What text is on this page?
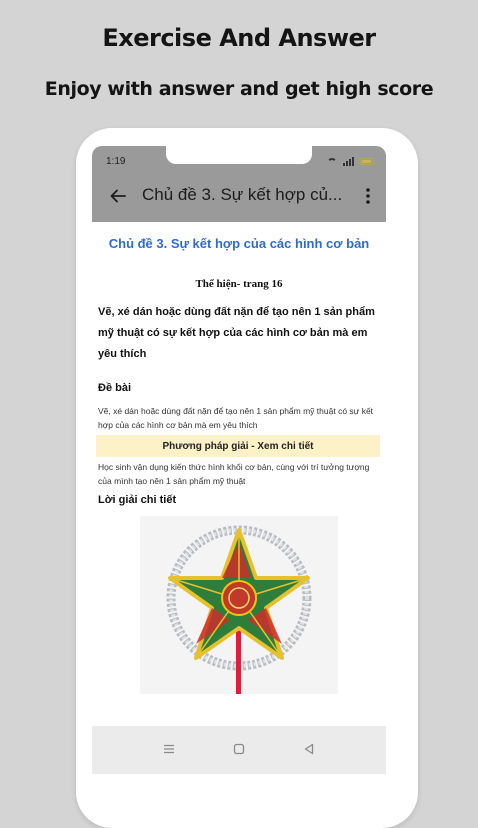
Exercise And Answer
Enjoy with answer and get high score
1:19
Chủ đề 3. Sự kết hợp củ...
Chủ đề 3. Sự kết hợp của các hình cơ bản
Thể hiện- trang 16
Vẽ, xé dán hoặc dùng đất nặn để tạo nên 1 sản phẩm mỹ thuật có sự kết hợp của các hình cơ bản mà em yêu thích
Đề bài
Vẽ, xé dán hoặc dùng đất nặn để tạo nên 1 sản phẩm mỹ thuật có sự kết hợp của các hình cơ bản mà em yêu thích
Phương pháp giải - Xem chi tiết
Học sinh vận dụng kiến thức hình khối cơ bản, cùng với trí tưởng tượng của mình tạo nên 1 sản phẩm mỹ thuật
Lời giải chi tiết
